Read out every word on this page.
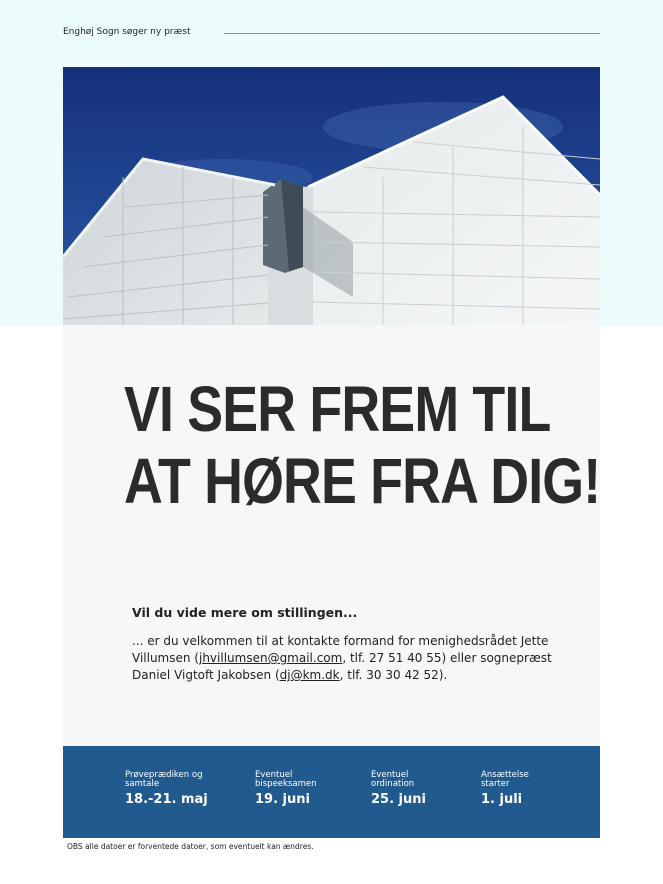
Enghøj Sogn søger ny præst
VI SER FREM TIL
AT HØRE FRA DIG!
Vil du vide mere om stillingen...
... er du velkommen til at kontakte formand for menighedsrådet Jette Villumsen (jhvillumsen@gmail.com, tlf. 27 51 40 55) eller sognepræst Daniel Vigtoft Jakobsen (dj@km.dk, tlf. 30 30 42 52).
Prøveprædiken og samtale
18.-21. maj
Eventuel bispeeksamen
19. juni
Eventuel ordination
25. juni
Ansættelse starter
1. juli
OBS alle datoer er forventede datoer, som eventuelt kan ændres.
